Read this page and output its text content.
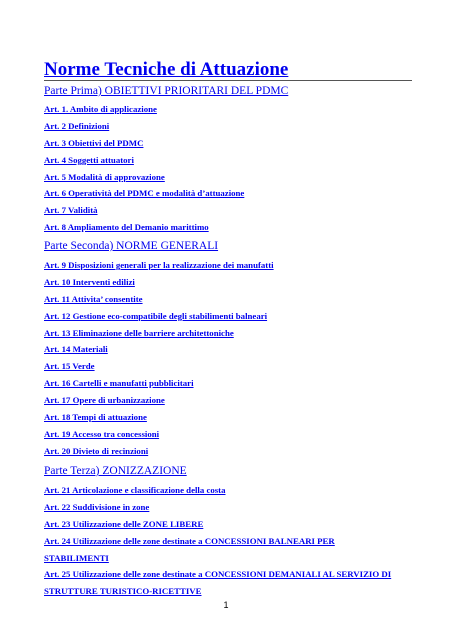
Norme Tecniche di Attuazione
Parte Prima) OBIETTIVI PRIORITARI DEL PDMC
Art. 1. Ambito di applicazione
Art. 2 Definizioni
Art. 3 Obiettivi del PDMC
Art. 4 Soggetti attuatori
Art. 5 Modalità di approvazione
Art. 6 Operatività del PDMC e modalità d’attuazione
Art. 7 Validità
Art. 8 Ampliamento del Demanio marittimo
Parte Seconda) NORME GENERALI
Art. 9 Disposizioni generali per la realizzazione dei manufatti
Art. 10 Interventi edilizi
Art. 11 Attivita’ consentite
Art. 12 Gestione eco-compatibile degli stabilimenti balneari
Art. 13 Eliminazione delle barriere architettoniche
Art. 14 Materiali
Art. 15 Verde
Art. 16 Cartelli e manufatti pubblicitari
Art. 17 Opere di urbanizzazione
Art. 18 Tempi di attuazione
Art. 19 Accesso tra concessioni
Art. 20 Divieto di recinzioni
Parte Terza) ZONIZZAZIONE
Art. 21 Articolazione e classificazione della costa
Art. 22 Suddivisione in zone
Art. 23 Utilizzazione delle ZONE LIBERE
Art. 24 Utilizzazione delle zone destinate a CONCESSIONI BALNEARI PER
STABILIMENTI
Art. 25 Utilizzazione delle zone destinate a CONCESSIONI DEMANIALI AL SERVIZIO DI
STRUTTURE TURISTICO-RICETTIVE
1
